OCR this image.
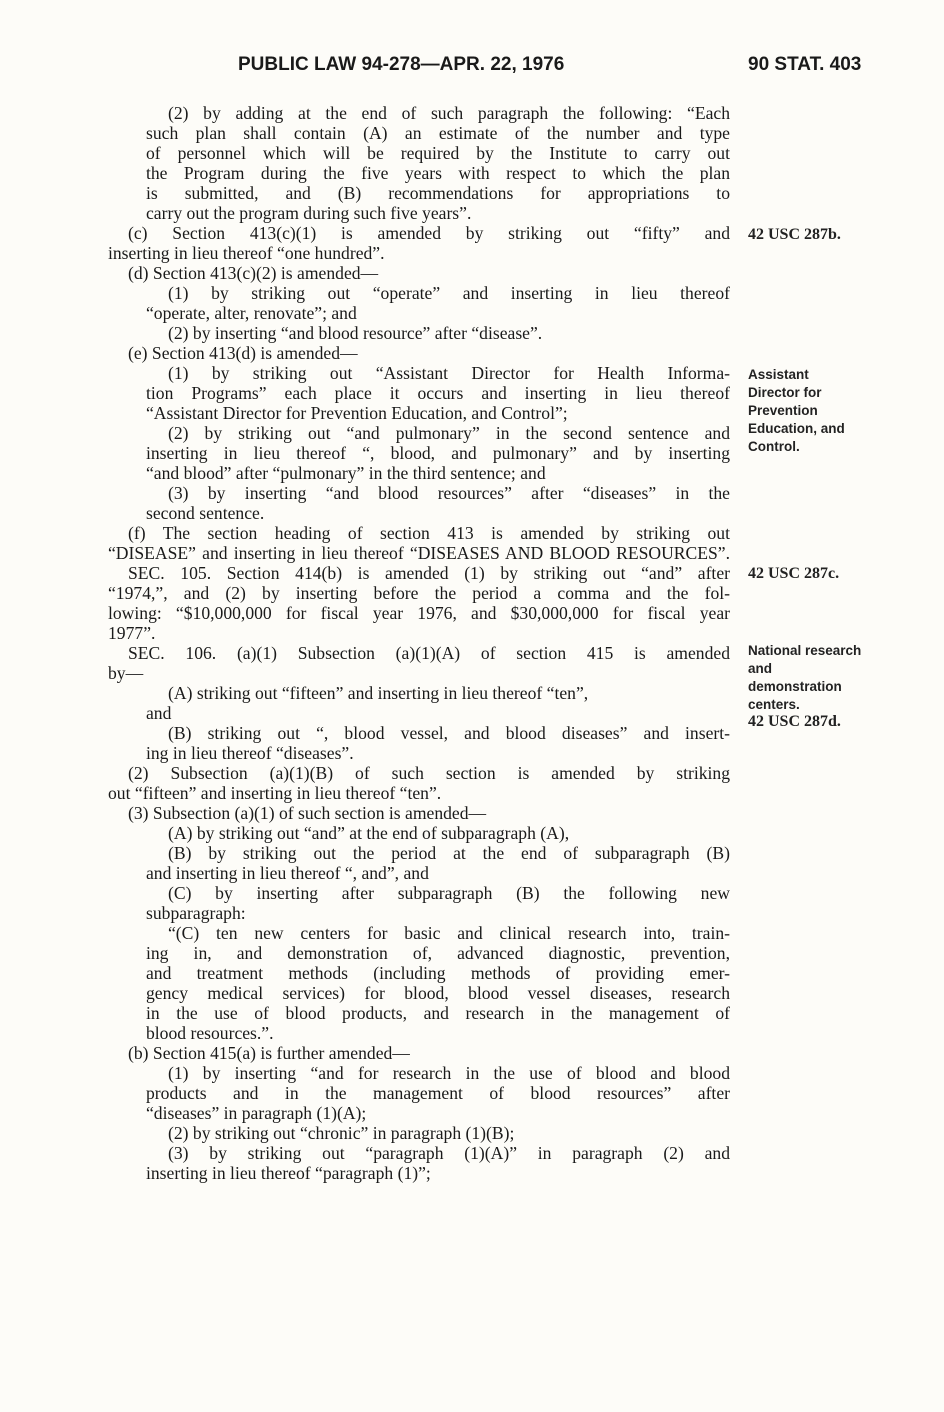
PUBLIC LAW 94-278—APR. 22, 1976	90 STAT. 403
(2) by adding at the end of such paragraph the following: “Each
such plan shall contain (A) an estimate of the number and type
of personnel which will be required by the Institute to carry out
the Program during the five years with respect to which the plan
is submitted, and (B) recommendations for appropriations to
carry out the program during such five years”.
(c) Section 413(c)(1) is amended by striking out “fifty” and
inserting in lieu thereof “one hundred”.
(d) Section 413(c)(2) is amended—
(1) by striking out “operate” and inserting in lieu thereof
“operate, alter, renovate”; and
(2) by inserting “and blood resource” after “disease”.
(e) Section 413(d) is amended—
(1) by striking out “Assistant Director for Health Informa-
tion Programs” each place it occurs and inserting in lieu thereof
“Assistant Director for Prevention Education, and Control”;
(2) by striking out “and pulmonary” in the second sentence and
inserting in lieu thereof “, blood, and pulmonary” and by inserting
“and blood” after “pulmonary” in the third sentence; and
(3) by inserting “and blood resources” after “diseases” in the
second sentence.
(f) The section heading of section 413 is amended by striking out
“DISEASE” and inserting in lieu thereof “DISEASES AND BLOOD RESOURCES”.
SEC. 105. Section 414(b) is amended (1) by striking out “and” after
“1974,”, and (2) by inserting before the period a comma and the fol-
lowing: “$10,000,000 for fiscal year 1976, and $30,000,000 for fiscal year
1977”.
SEC. 106. (a)(1) Subsection (a)(1)(A) of section 415 is amended
by—
(A) striking out “fifteen” and inserting in lieu thereof “ten”,
and
(B) striking out “, blood vessel, and blood diseases” and insert-
ing in lieu thereof “diseases”.
(2) Subsection (a)(1)(B) of such section is amended by striking
out “fifteen” and inserting in lieu thereof “ten”.
(3) Subsection (a)(1) of such section is amended—
(A) by striking out “and” at the end of subparagraph (A),
(B) by striking out the period at the end of subparagraph (B)
and inserting in lieu thereof “, and”, and
(C) by inserting after subparagraph (B) the following new
subparagraph:
“(C) ten new centers for basic and clinical research into, train-
ing in, and demonstration of, advanced diagnostic, prevention,
and treatment methods (including methods of providing emer-
gency medical services) for blood, blood vessel diseases, research
in the use of blood products, and research in the management of
blood resources.”.
(b) Section 415(a) is further amended—
(1) by inserting “and for research in the use of blood and blood
products and in the management of blood resources” after
“diseases” in paragraph (1)(A);
(2) by striking out “chronic” in paragraph (1)(B);
(3) by striking out “paragraph (1)(A)” in paragraph (2) and
inserting in lieu thereof “paragraph (1)”;
42 USC 287b.
Assistant
Director for
Prevention
Education, and
Control.
42 USC 287c.
National research
and
demonstration
centers.
42 USC 287d.
